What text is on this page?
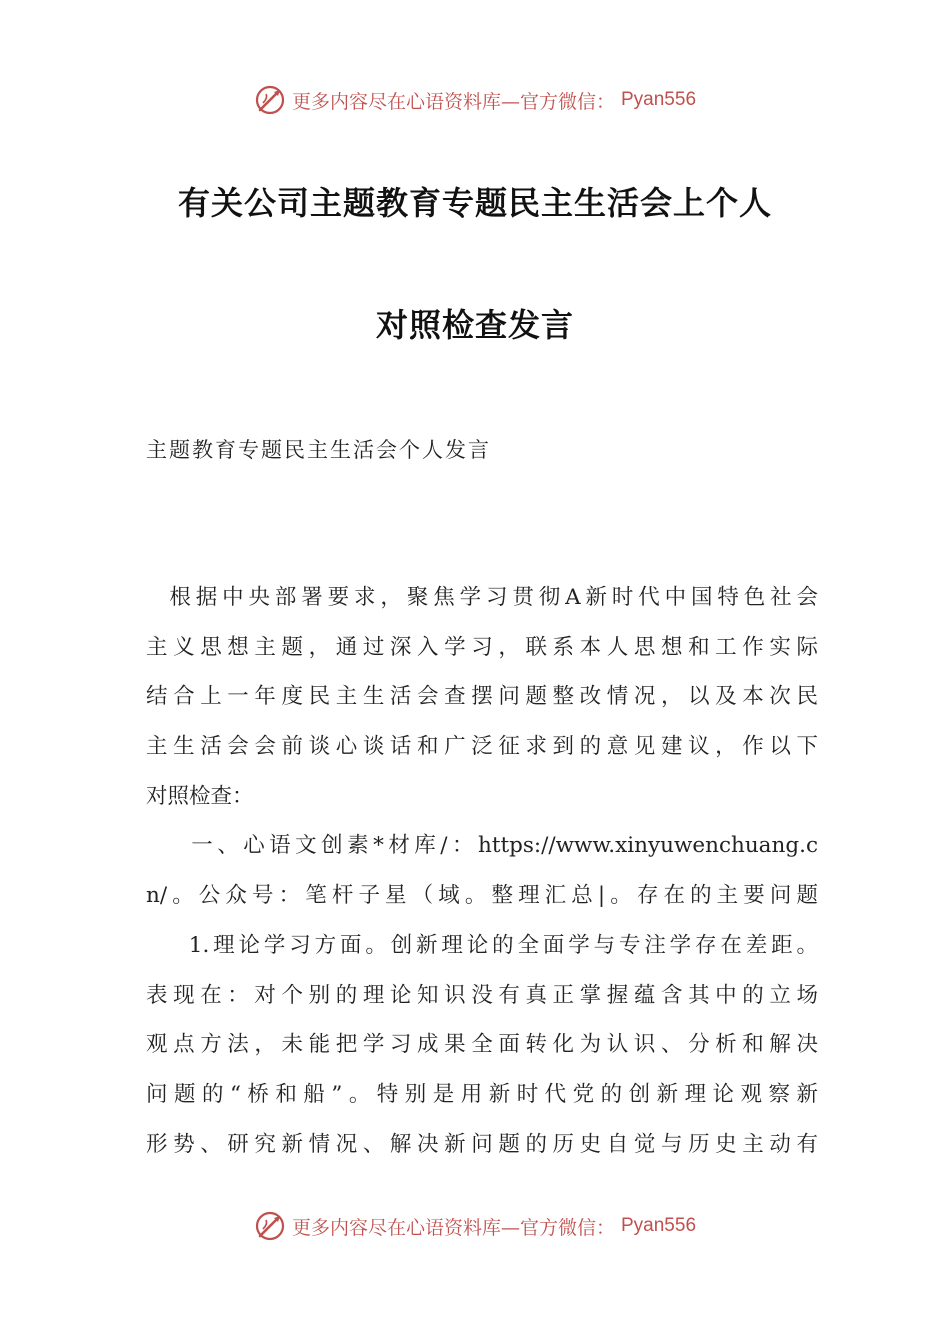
更多内容尽在心语资料库—官方微信： Pyan556
有关公司主题教育专题民主生活会上个人
对照检查发言
主题教育专题民主生活会个人发言
根据中央部署要求，聚焦学习贯彻A新时代中国特色社会
主义思想主题，通过深入学习，联系本人思想和工作实际
结合上一年度民主生活会查摆问题整改情况，以及本次民
主生活会会前谈心谈话和广泛征求到的意见建议，作以下
对照检查：
一、心语文创素*材库/：https://www.xinyuwenchuang.c
n/。公众号：笔杆子星（域。整理汇总|。存在的主要问题
1.理论学习方面。创新理论的全面学与专注学存在差距。
表现在：对个别的理论知识没有真正掌握蕴含其中的立场
观点方法，未能把学习成果全面转化为认识、分析和解决
问题的“桥和船”。特别是用新时代党的创新理论观察新
形势、研究新情况、解决新问题的历史自觉与历史主动有
更多内容尽在心语资料库—官方微信： Pyan556
